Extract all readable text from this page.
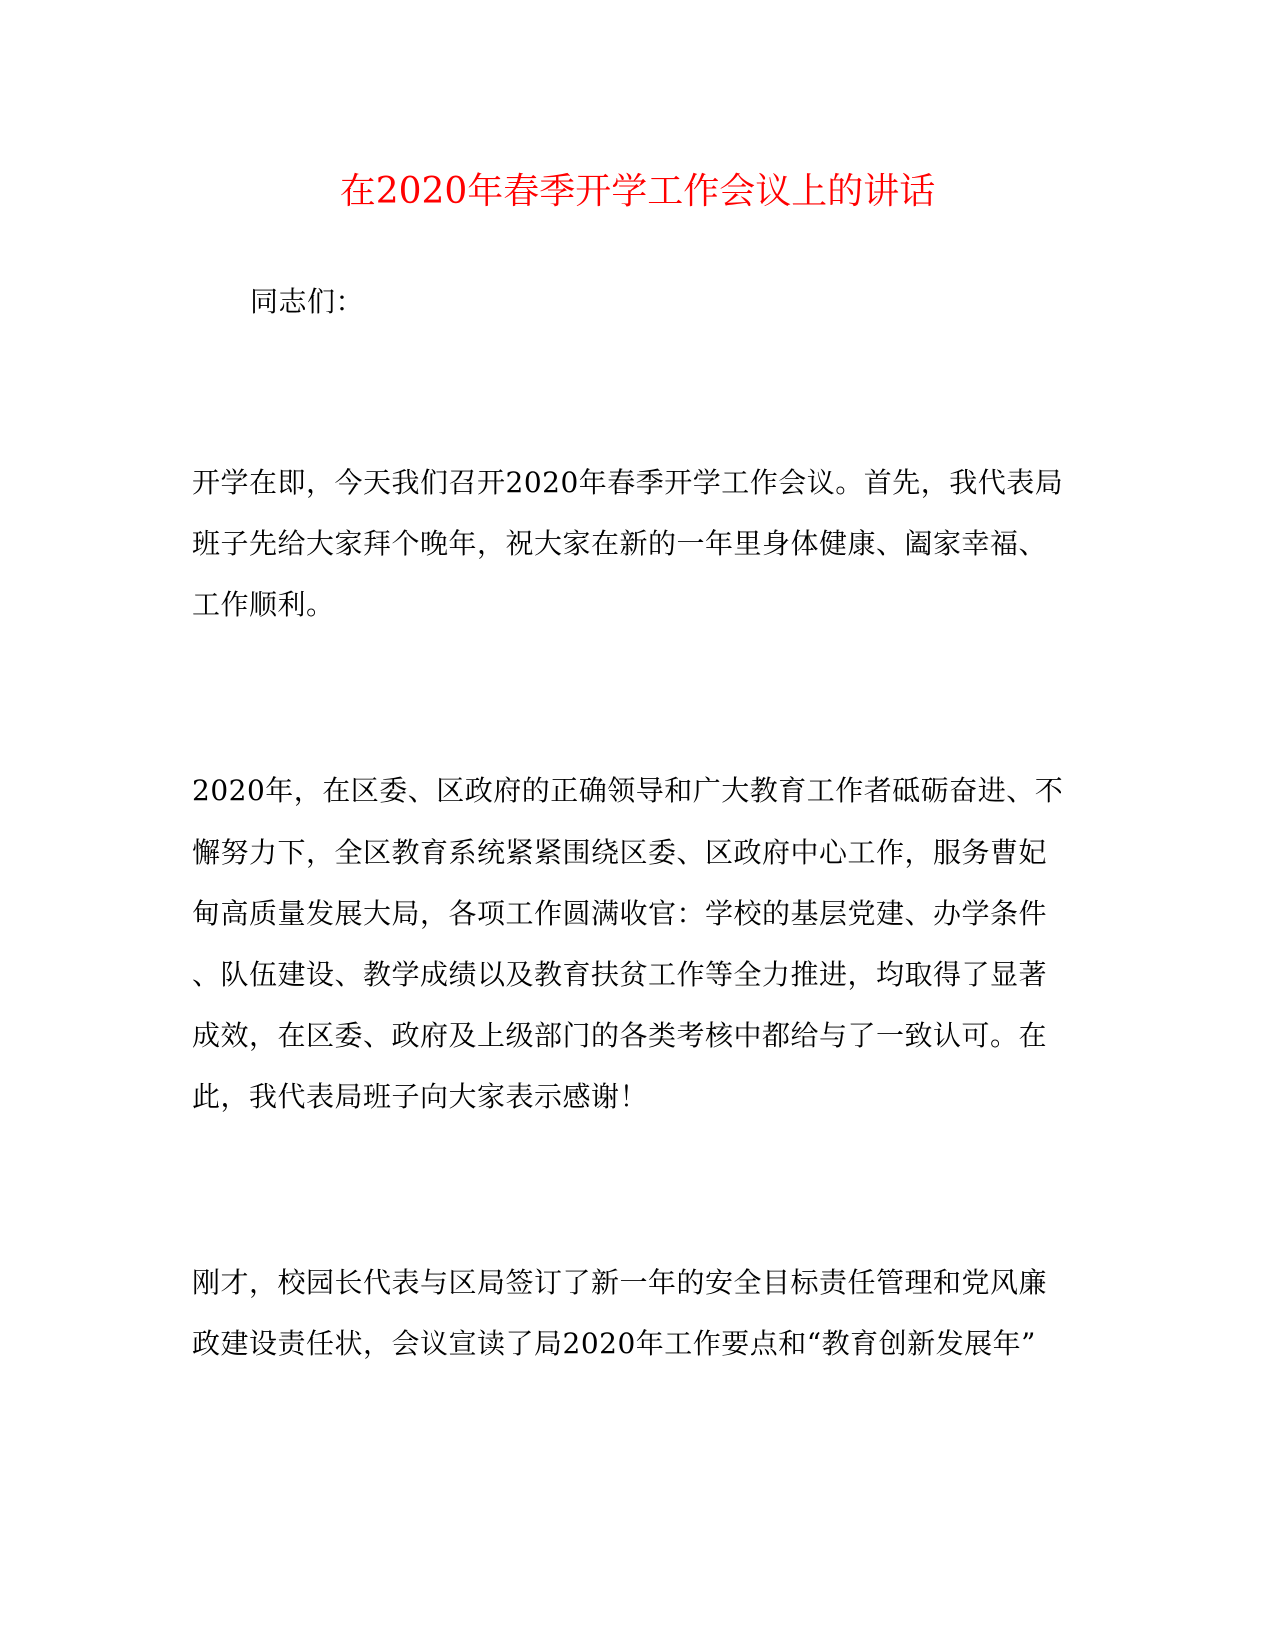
在2020年春季开学工作会议上的讲话
同志们：
开学在即，今天我们召开2020年春季开学工作会议。首先，我代表局
班子先给大家拜个晚年，祝大家在新的一年里身体健康、阖家幸福、
工作顺利。
2020年，在区委、区政府的正确领导和广大教育工作者砥砺奋进、不
懈努力下，全区教育系统紧紧围绕区委、区政府中心工作，服务曹妃
甸高质量发展大局，各项工作圆满收官：学校的基层党建、办学条件
、队伍建设、教学成绩以及教育扶贫工作等全力推进，均取得了显著
成效，在区委、政府及上级部门的各类考核中都给与了一致认可。在
此，我代表局班子向大家表示感谢！
刚才，校园长代表与区局签订了新一年的安全目标责任管理和党风廉
政建设责任状，会议宣读了局2020年工作要点和“教育创新发展年”
